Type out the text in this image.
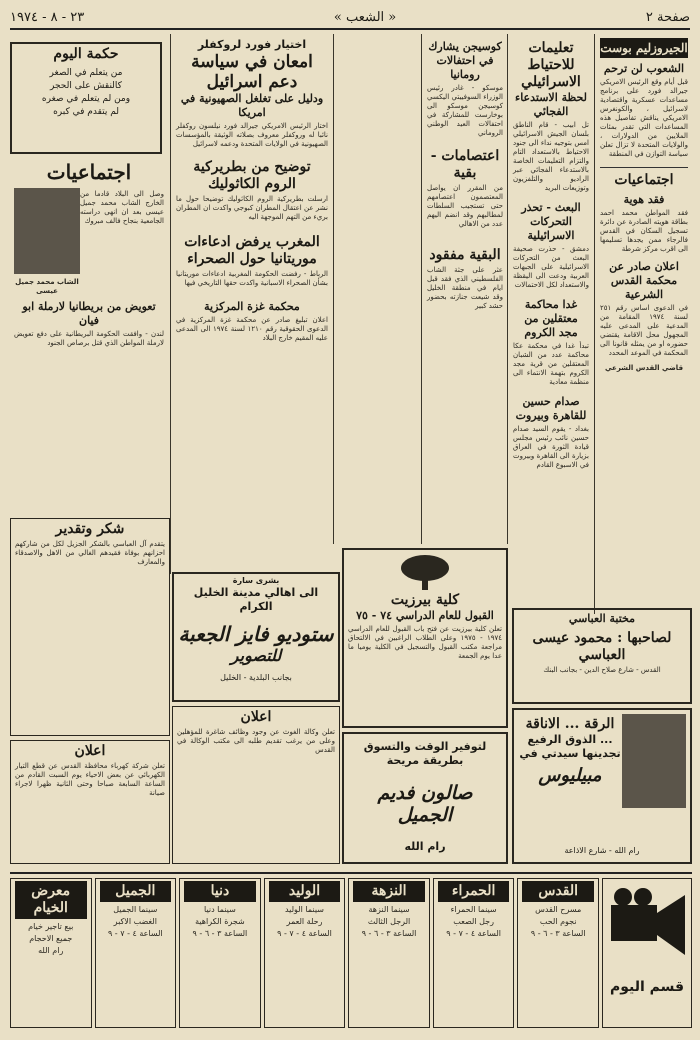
صفحة ٢
« الشعب »
٢٣ - ٨ - ١٩٧٤
الجيروزليم بوست
الشعوب لن ترحم
قبل أيام وقع الرئيس الامريكي جيرالد فورد على برنامج مساعدات عسكرية واقتصادية لاسرائيل ، والكونغرس الامريكي يناقش تفاصيل هذه المساعدات التي تقدر بمئات الملايين من الدولارات ، والولايات المتحدة لا تزال تعلن سياسة التوازن في المنطقة
اجتماعيات
فقد هوية
فقد المواطن محمد احمد بطاقة هويته الصادرة عن دائرة تسجيل السكان في القدس فالرجاء ممن يجدها تسليمها الى اقرب مركز شرطة
اعلان صادر عن محكمة القدس الشرعية
في الدعوى اساس رقم ٢٥١ لسنة ١٩٧٤ المقامة من المدعية على المدعى عليه المجهول محل الاقامة يقتضي حضوره او من يمثله قانونا الى المحكمة في الموعد المحدد
قاضي القدس الشرعي
تعليمات للاحتياط الاسرائيلي
لحظة الاستدعاء الفجائي
تل ابيب - قام الناطق بلسان الجيش الاسرائيلي امس بتوجيه نداء الى جنود الاحتياط بالاستعداد التام والتزام التعليمات الخاصة بالاستدعاء الفجائي عبر الراديو والتلفزيون وتوزيعات البريد
البعث - تحذر التحركات الاسرائيلية
دمشق - حذرت صحيفة البعث من التحركات الاسرائيلية على الجبهات العربية ودعت الى اليقظة والاستعداد لكل الاحتمالات
غدا محاكمة معتقلين من مجد الكروم
تبدأ غدا في محكمة عكا محاكمة عدد من الشبان المعتقلين من قرية مجد الكروم بتهمة الانتماء الى منظمة معادية
صدام حسين للقاهرة وبيروت
بغداد - يقوم السيد صدام حسين نائب رئيس مجلس قيادة الثورة في العراق بزيارة الى القاهرة وبيروت في الاسبوع القادم
كوسيجن يشارك في احتفالات رومانيا
موسكو - غادر رئيس الوزراء السوفييتي اليكسي كوسيجن موسكو الى بوخارست للمشاركة في احتفالات العيد الوطني الروماني
اعتصامات - بقية
من المقرر ان يواصل المعتصمون اعتصامهم حتى تستجيب السلطات لمطالبهم وقد انضم اليهم عدد من الاهالي
البقية مفقود
عثر على جثة الشاب الفلسطيني الذي فقد قبل ايام في منطقة الخليل وقد شيعت جنازته بحضور حشد كبير
اختيار فورد لروكفلر
امعان في سياسة دعم اسرائيل
ودليل على تغلغل الصهيونية في امريكا
اختار الرئيس الامريكي جيرالد فورد نيلسون روكفلر نائبا له وروكفلر معروف بصلاته الوثيقة بالمؤسسات الصهيونية في الولايات المتحدة ودعمه لاسرائيل
توضيح من بطريركية الروم الكاثوليك
ارسلت بطريركية الروم الكاثوليك توضيحا حول ما نشر عن اعتقال المطران كبوجي واكدت ان المطران بريء من التهم الموجهة اليه
المغرب يرفض ادعاءات موريتانيا حول الصحراء
الرباط - رفضت الحكومة المغربية ادعاءات موريتانيا بشأن الصحراء الاسبانية واكدت حقها التاريخي فيها
محكمة غزة المركزية
اعلان تبليغ صادر عن محكمة غزة المركزية في الدعوى الحقوقية رقم ١٢١٠ لسنة ١٩٧٤ الى المدعى عليه المقيم خارج البلاد
حكمة اليوم
من يتعلم في الصغر
كالنقش على الحجر
ومن لم يتعلم في صغره
لم يتقدم في كبره
اجتماعيات
وصل الى البلاد قادما من الخارج الشاب محمد جميل عيسى بعد ان انهى دراسته الجامعية بنجاح فالف مبروك
الشاب محمد جميل عيسى
تعويض من بريطانيا لارملة ابو فيان
لندن - وافقت الحكومة البريطانية على دفع تعويض لارملة المواطن الذي قتل برصاص الجنود
شكر وتقدير
يتقدم آل العباسي بالشكر الجزيل لكل من شاركهم احزانهم بوفاة فقيدهم الغالي من الاهل والاصدقاء والمعارف
اعلان
تعلن شركة كهرباء محافظة القدس عن قطع التيار الكهربائي عن بعض الاحياء يوم السبت القادم من الساعة السابعة صباحا وحتى الثانية ظهرا لاجراء صيانة
بشرى سارة
الى اهالي مدينة الخليل الكرام
ستوديو فايز الجعبة
للتصوير
بجانب البلدية - الخليل
اعلان
تعلن وكالة الغوث عن وجود وظائف شاغرة للمؤهلين وعلى من يرغب تقديم طلبه الى مكتب الوكالة في القدس
كلية بيرزيت
القبول للعام الدراسي ٧٤ - ٧٥
تعلن كلية بيرزيت عن فتح باب القبول للعام الدراسي ١٩٧٤ - ١٩٧٥ وعلى الطلاب الراغبين في الالتحاق مراجعة مكتب القبول والتسجيل في الكلية يوميا ما عدا يوم الجمعة
لتوفير الوقت والتسوق بطريقة مريحة
صالون فديم الجميل
رام الله
مختبة العباسي
لصاحبها : محمود عيسى العباسي
القدس - شارع صلاح الدين - بجانب البنك
الرقة ... الاناقة
... الذوق الرفيع
تجدينها سيدتي في
مبيليوس
رام الله - شارع الاذاعة
قسم اليوم
القدس
مسرح القدس
نجوم الحب
الساعة ٣ - ٦ - ٩
الحمراء
سينما الحمراء
رجل الصعب
الساعة ٤ - ٧ - ٩
النزهة
سينما النزهة
الرجل الثالث
الساعة ٣ - ٦ - ٩
الوليد
سينما الوليد
رحلة العمر
الساعة ٤ - ٧ - ٩
دنيا
سينما دنيا
شجرة الكراهية
الساعة ٣ - ٦ - ٩
الجميل
سينما الجميل
الغضب الاكبر
الساعة ٤ - ٧ - ٩
معرض الخيام
بيع تاجير خيام
جميع الاحجام
رام الله
